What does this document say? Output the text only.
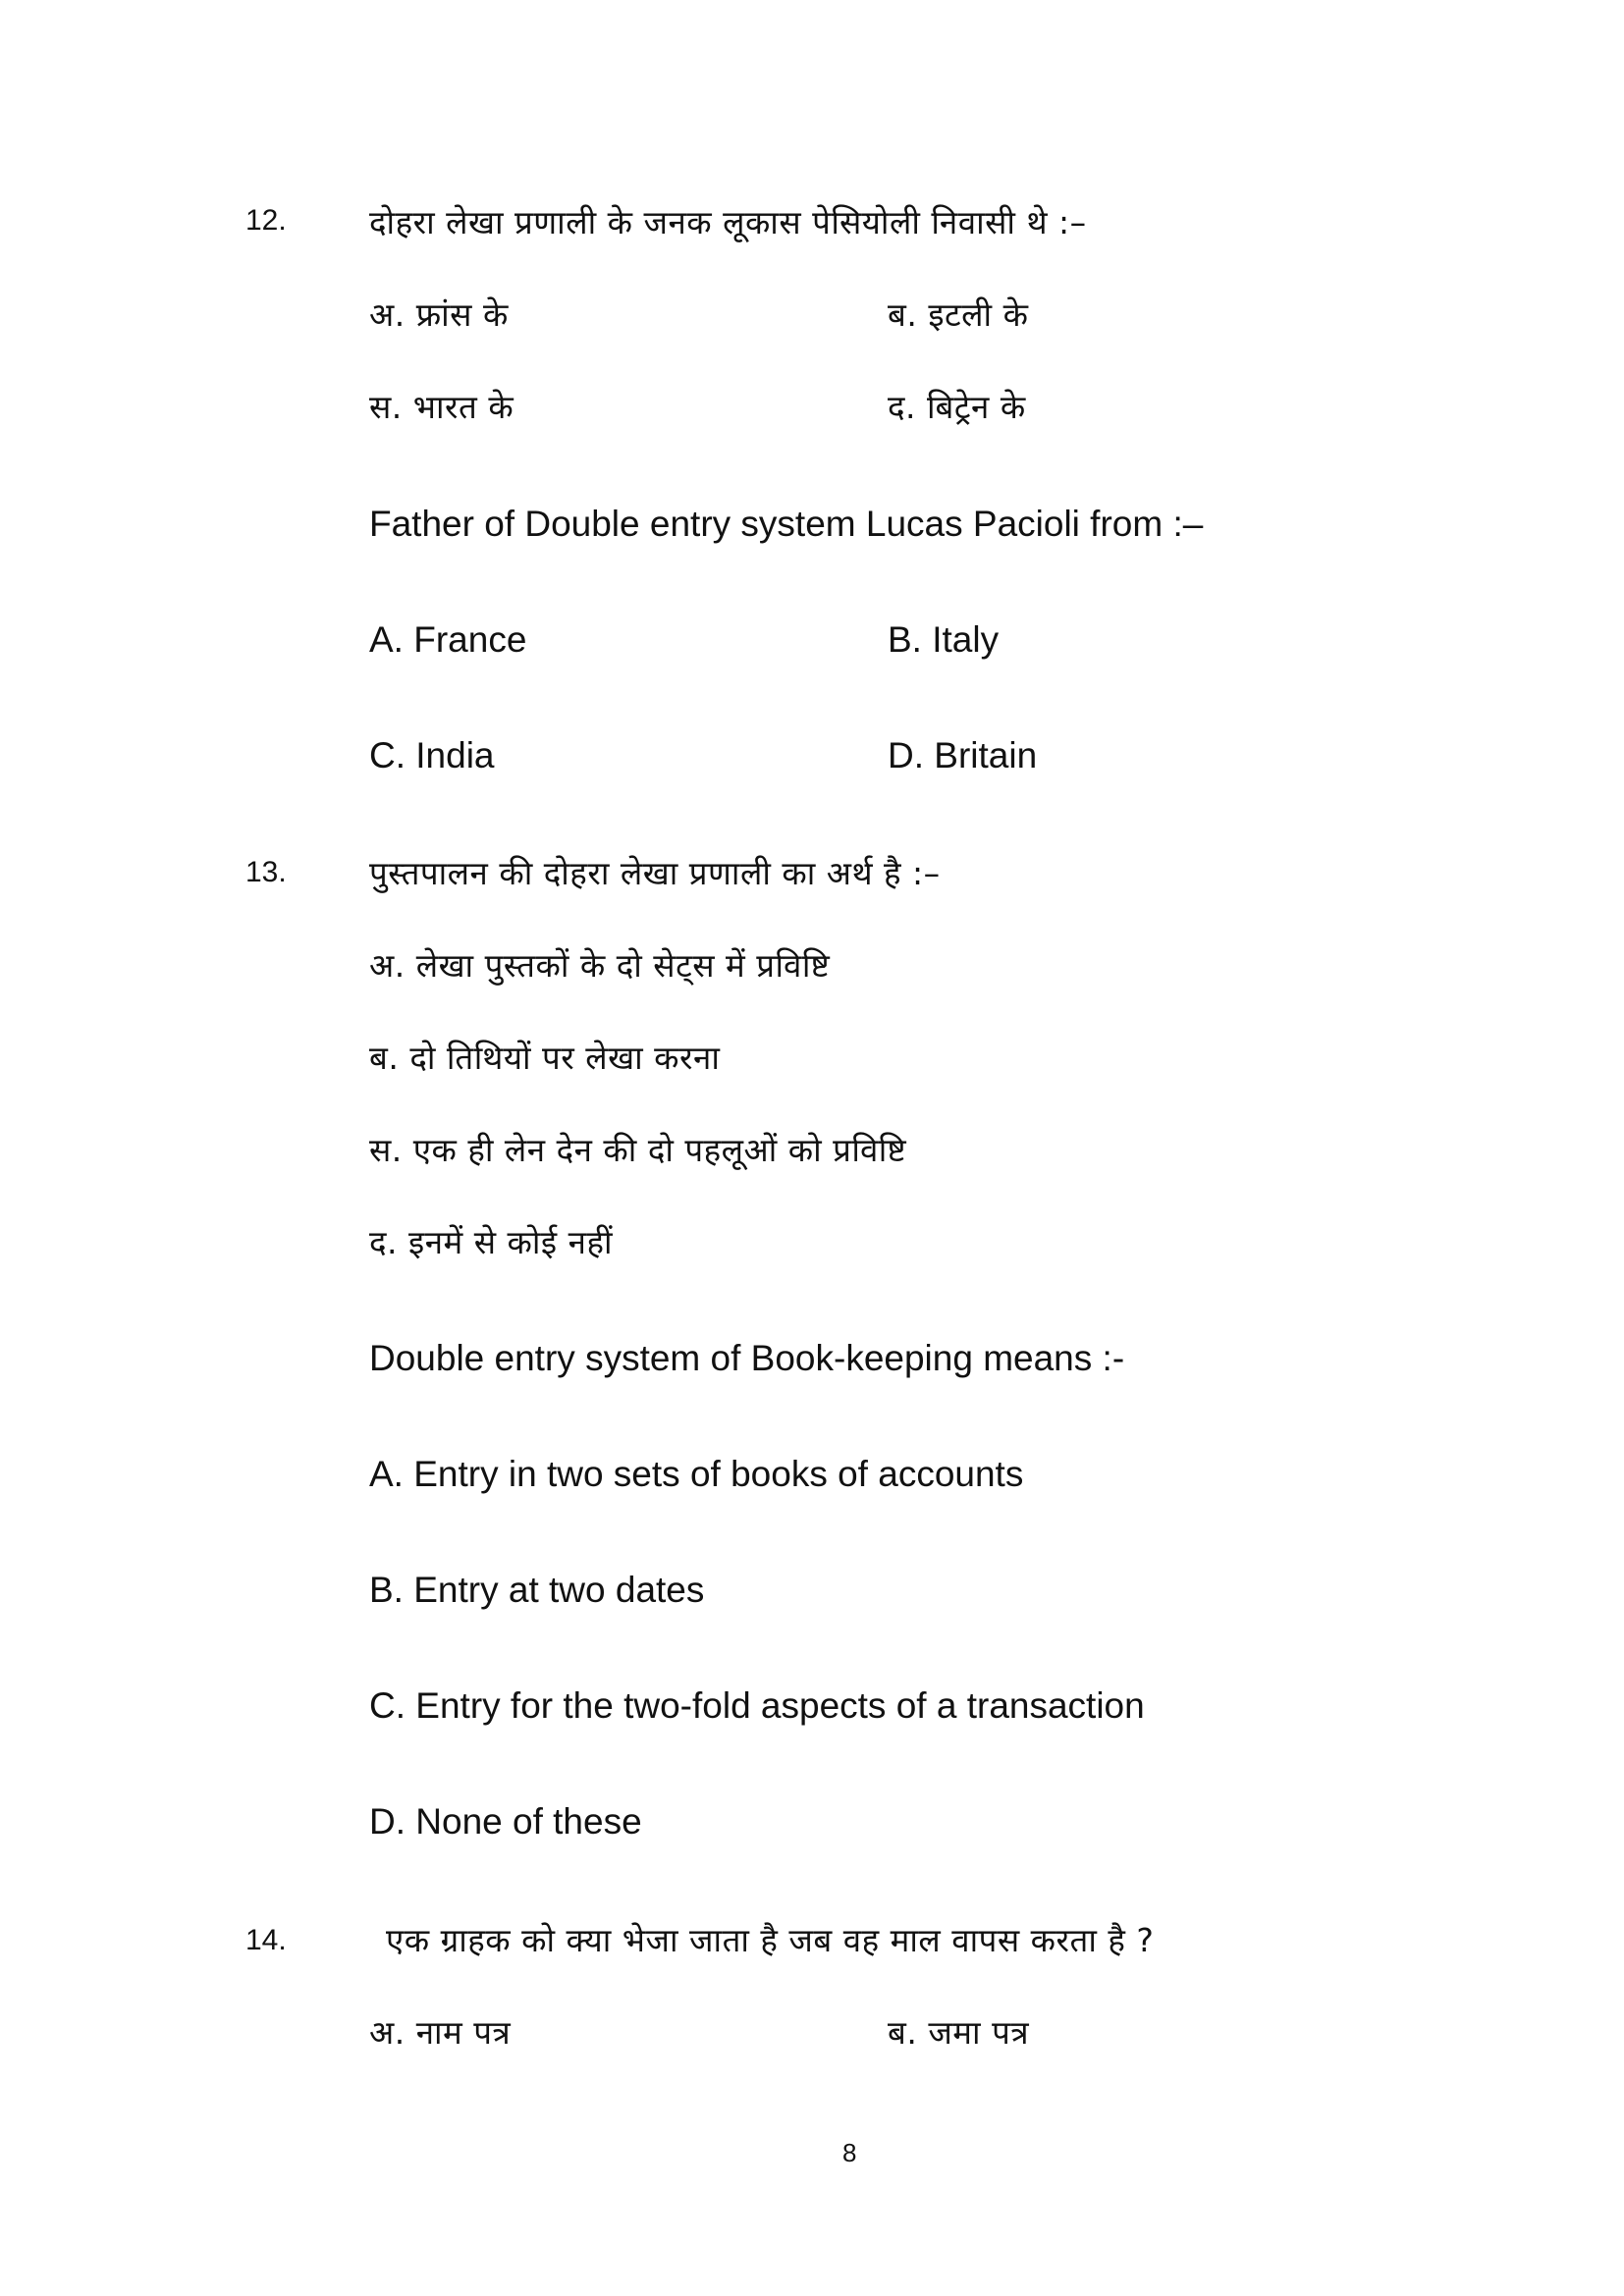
12.	दोहरा लेखा प्रणाली के जनक लूकास पेसियोली निवासी थे :–
अ. फ्रांस के	ब. इटली के
स. भारत के	द. बिट्रेन के
Father of Double entry system Lucas Pacioli from :–
A. France	B. Italy
C. India	D. Britain
13.	पुस्तपालन की दोहरा लेखा प्रणाली का अर्थ है :–
अ. लेखा पुस्तकों के दो सेट्स में प्रविष्टि
ब. दो तिथियों पर लेखा करना
स. एक ही लेन देन की दो पहलूओं को प्रविष्टि
द. इनमें से कोई नहीं
Double entry system of Book-keeping means :-
A. Entry in two sets of books of accounts
B. Entry at two dates
C. Entry for the two-fold aspects of a transaction
D. None of these
14.	एक ग्राहक को क्या भेजा जाता है जब वह माल वापस करता है ?
अ. नाम पत्र	ब. जमा पत्र
8
